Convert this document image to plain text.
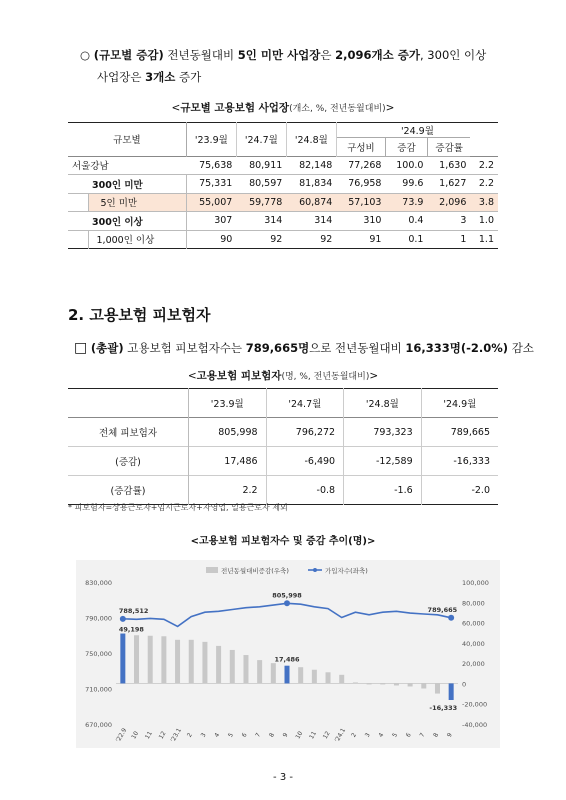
○ (규모별 증감) 전년동월대비 5인 미만 사업장은 2,096개소 증가, 300인 이상
사업장은 3개소 증가
<규모별 고용보험 사업장(개소, %, 전년동월대비)>
규모별		'23.9월	'24.7월	'24.8월	'24.9월			
					구성비	증감	증감률	
서울강남		75,638	80,911	82,148	77,268	100.0	1,630	2.2
	300인 미만	75,331	80,597	81,834	76,958	99.6	1,627	2.2
	5인 미만	55,007	59,778	60,874	57,103	73.9	2,096	3.8
	300인 이상	307	314	314	310	0.4	3	1.0
	1,000인 이상	90	92	92	91	0.1	1	1.1
2. 고용보험 피보험자
□ (총괄) 고용보험 피보험자수는 789,665명으로 전년동월대비 16,333명(-2.0%) 감소
<고용보험 피보험자(명, %, 전년동월대비)>
	'23.9월	'24.7월	'24.8월	'24.9월
전체 피보험자	805,998	796,272	793,323	789,665
(증감)	17,486	-6,490	-12,589	-16,333
(증감률)	2.2	-0.8	-1.6	-2.0
* 피보험자=상용근로자+임시근로자+자영업, 일용근로자 제외
<고용보험 피보험자수 및 증감 추이(명)>
830,000
790,000
750,000
710,000
670,000
100,000
80,000
60,000
40,000
20,000
0
-20,000
-40,000
'22.9 10 11 12 '23.1 2 3 4 5 6 7 8 9 10 11 12 '24.1 2 3 4 5 6 7 8 9
788,512
805,998
789,665
49,198
17,486
-16,333
전년동월대비증감(우축)	가입자수(좌축)
- 3 -
